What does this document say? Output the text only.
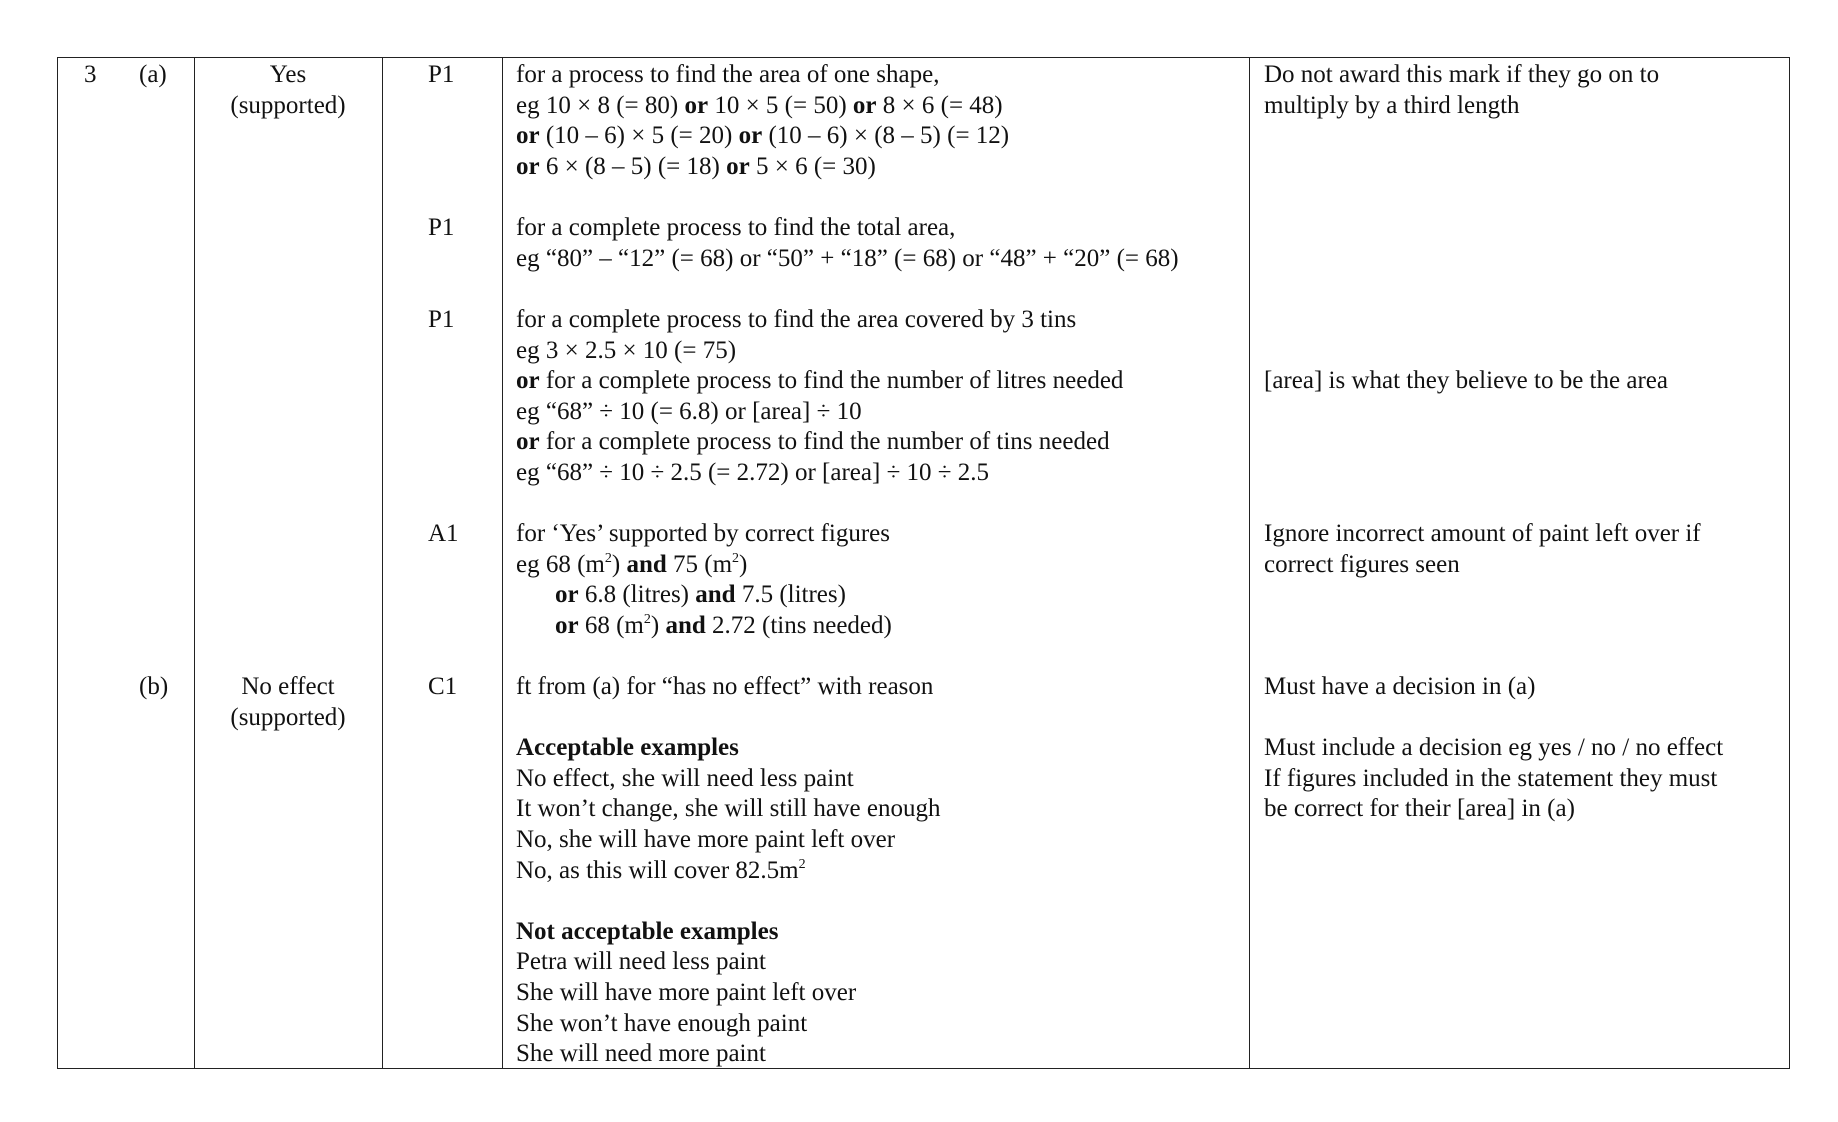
3 (a)
(b)
Yes
(supported)
No effect
(supported)
P1
P1
P1
A1
C1
for a process to find the area of one shape,
eg 10 × 8 (= 80) or 10 × 5 (= 50) or 8 × 6 (= 48)
or (10 – 6) × 5 (= 20) or (10 – 6) × (8 – 5) (= 12)
or 6 × (8 – 5) (= 18) or 5 × 6 (= 30)
for a complete process to find the total area,
eg “80” – “12” (= 68) or “50” + “18” (= 68) or “48” + “20” (= 68)
for a complete process to find the area covered by 3 tins
eg 3 × 2.5 × 10 (= 75)
or for a complete process to find the number of litres needed
eg “68” ÷ 10 (= 6.8) or [area] ÷ 10
or for a complete process to find the number of tins needed
eg “68” ÷ 10 ÷ 2.5 (= 2.72) or [area] ÷ 10 ÷ 2.5
for ‘Yes’ supported by correct figures
eg 68 $(m^2)$ and 75 $(m^2)$
or 6.8 (litres) and 7.5 (litres)
or 68 $(m^2)$ and 2.72 (tins needed)
ft from (a) for “has no effect” with reason
Acceptable examples
No effect, she will need less paint
It won’t change, she will still have enough
No, she will have more paint left over
No, as this will cover $82.5m^2$
Not acceptable examples
Petra will need less paint
She will have more paint left over
She won’t have enough paint
She will need more paint
Do not award this mark if they go on to
multiply by a third length
[area] is what they believe to be the area
Ignore incorrect amount of paint left over if
correct figures seen
Must have a decision in (a)
Must include a decision eg yes / no / no effect
If figures included in the statement they must
be correct for their [area] in (a)
